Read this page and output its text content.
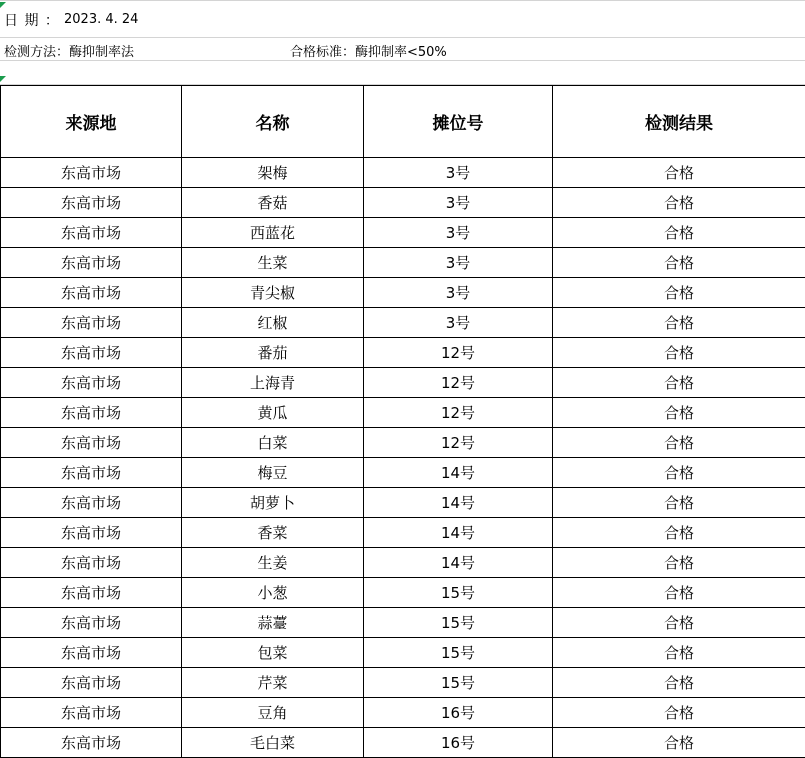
日 期 ：

2023. 4. 24

检测方法：酶抑制率法

	合格标准：酶抑制率<50%

来源地	名称	摊位号	检测结果
东高市场	架梅	3号	合格
东高市场	香菇	3号	合格
东高市场	西蓝花	3号	合格
东高市场	生菜	3号	合格
东高市场	青尖椒	3号	合格
东高市场	红椒	3号	合格
东高市场	番茄	12号	合格
东高市场	上海青	12号	合格
东高市场	黄瓜	12号	合格
东高市场	白菜	12号	合格
东高市场	梅豆	14号	合格
东高市场	胡萝卜	14号	合格
东高市场	香菜	14号	合格
东高市场	生姜	14号	合格
东高市场	小葱	15号	合格
东高市场	蒜薹	15号	合格
东高市场	包菜	15号	合格
东高市场	芹菜	15号	合格
东高市场	豆角	16号	合格
东高市场	毛白菜	16号	合格
